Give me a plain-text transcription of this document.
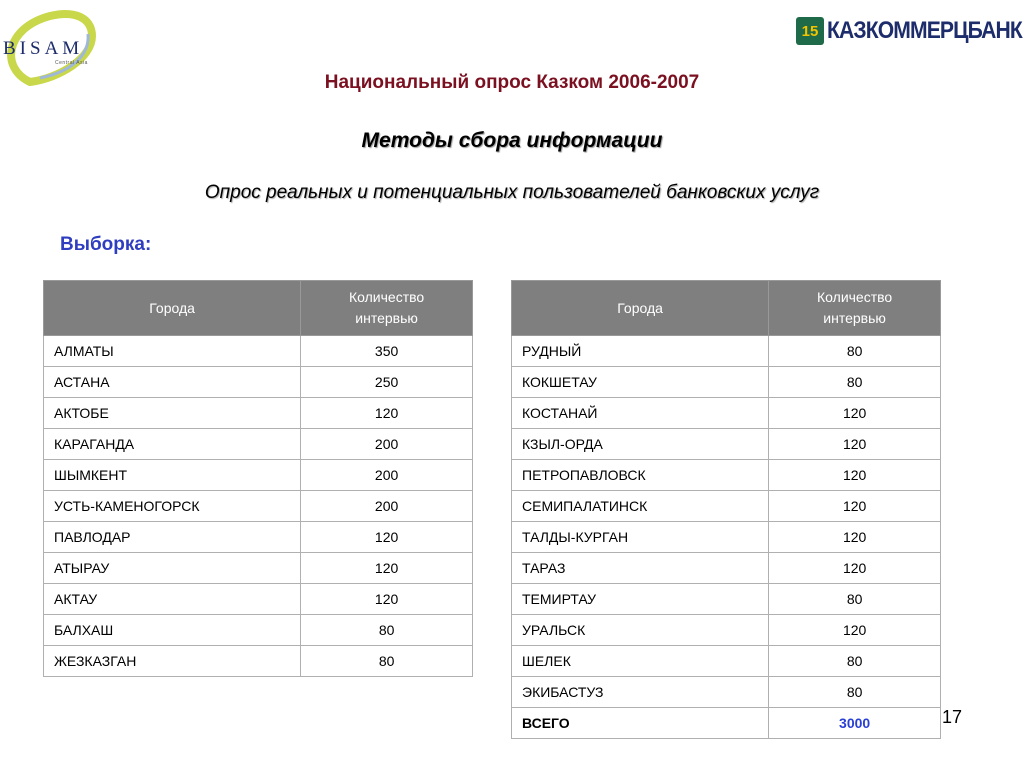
BISAM
Central Asia
15 КАЗКОММЕРЦБАНК
Национальный опрос Казком 2006-2007
Методы сбора информации
Опрос реальных и потенциальных пользователей банковских услуг
Выборка:
Города	Количество интервью
АЛМАТЫ	350
АСТАНА	250
АКТОБЕ	120
КАРАГАНДА	200
ШЫМКЕНТ	200
УСТЬ-КАМЕНОГОРСК	200
ПАВЛОДАР	120
АТЫРАУ	120
АКТАУ	120
БАЛХАШ	80
ЖЕЗКАЗГАН	80
Города	Количество интервью
РУДНЫЙ	80
КОКШЕТАУ	80
КОСТАНАЙ	120
КЗЫЛ-ОРДА	120
ПЕТРОПАВЛОВСК	120
СЕМИПАЛАТИНСК	120
ТАЛДЫ-КУРГАН	120
ТАРАЗ	120
ТЕМИРТАУ	80
УРАЛЬСК	120
ШЕЛЕК	80
ЭКИБАСТУЗ	80
ВСЕГО	3000	17
